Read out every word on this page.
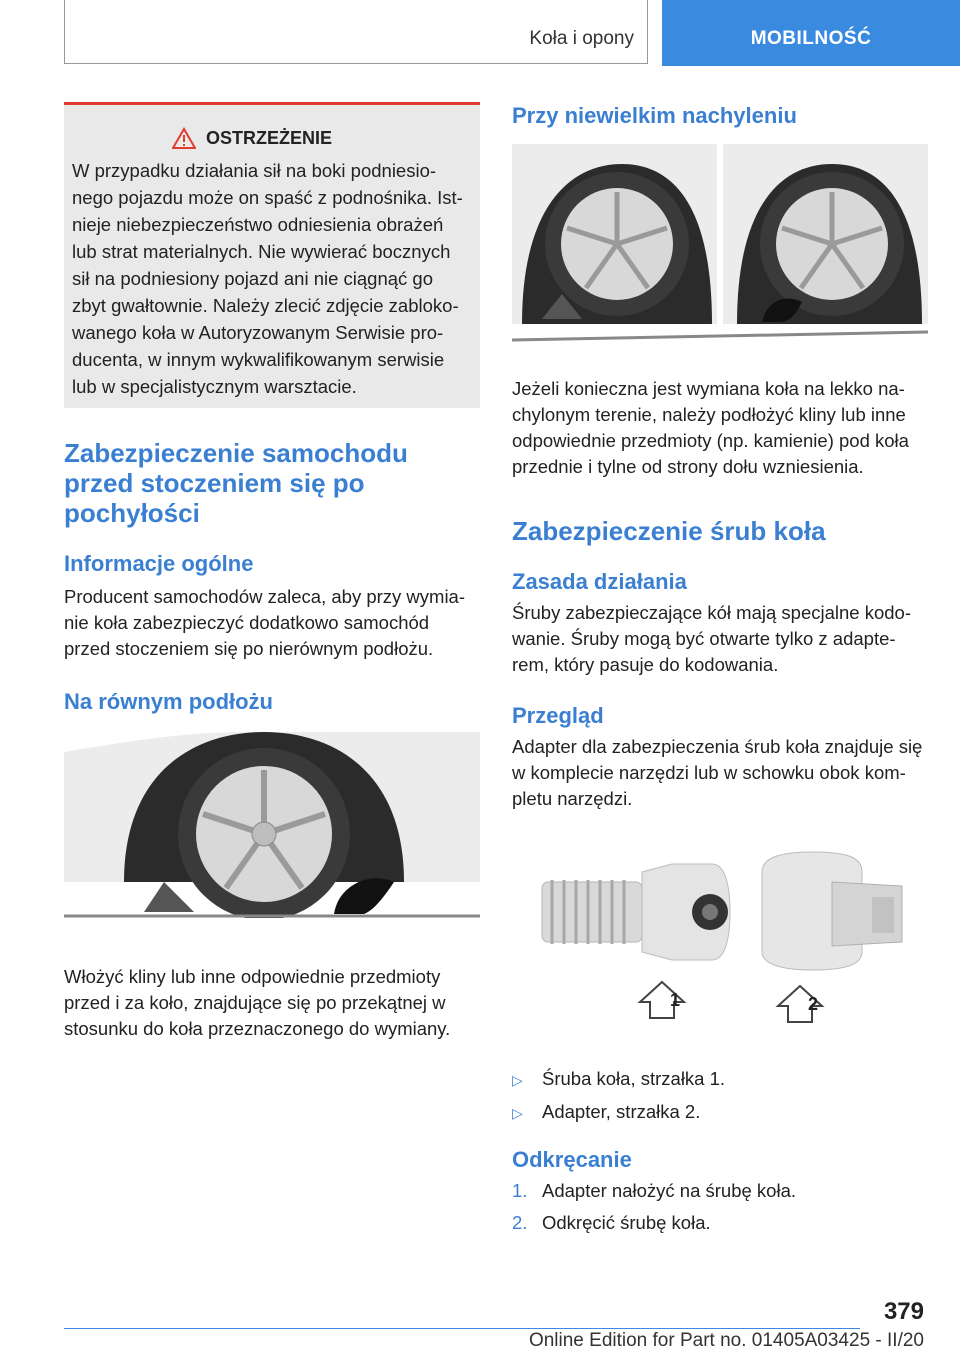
Koła i opony	MOBILNOŚĆ
OSTRZEŻENIE
W przypadku działania sił na boki podniesio-
nego pojazdu może on spaść z podnośnika. Ist-
nieje niebezpieczeństwo odniesienia obrażeń
lub strat materialnych. Nie wywierać bocznych
sił na podniesiony pojazd ani nie ciągnąć go
zbyt gwałtownie. Należy zlecić zdjęcie zabloko-
wanego koła w Autoryzowanym Serwisie pro-
ducenta, w innym wykwalifikowanym serwisie
lub w specjalistycznym warsztacie.
Zabezpieczenie samochodu
przed stoczeniem się po
pochyłości
Informacje ogólne

Producent samochodów zaleca, aby przy wymia-
nie koła zabezpieczyć dodatkowo samochód
przed stoczeniem się po nierównym podłożu.

Na równym podłożu

Włożyć kliny lub inne odpowiednie przedmioty
przed i za koło, znajdujące się po przekątnej w
stosunku do koła przeznaczonego do wymiany.

Przy niewielkim nachyleniu

Jeżeli konieczna jest wymiana koła na lekko na-
chylonym terenie, należy podłożyć kliny lub inne
odpowiednie przedmioty (np. kamienie) pod koła
przednie i tylne od strony dołu wzniesienia.

Zabezpieczenie śrub koła
Zasada działania

Śruby zabezpieczające kół mają specjalne kodo-
wanie. Śruby mogą być otwarte tylko z adapte-
rem, który pasuje do kodowania.

Przegląd

Adapter dla zabezpieczenia śrub koła znajduje się
w komplecie narzędzi lub w schowku obok kom-
pletu narzędzi.

1	2
▷	Śruba koła, strzałka 1.
▷	Adapter, strzałka 2.
Odkręcanie
1. Adapter nałożyć na śrubę koła.
2. Odkręcić śrubę koła.
379
Online Edition for Part no. 01405A03425 - II/20
